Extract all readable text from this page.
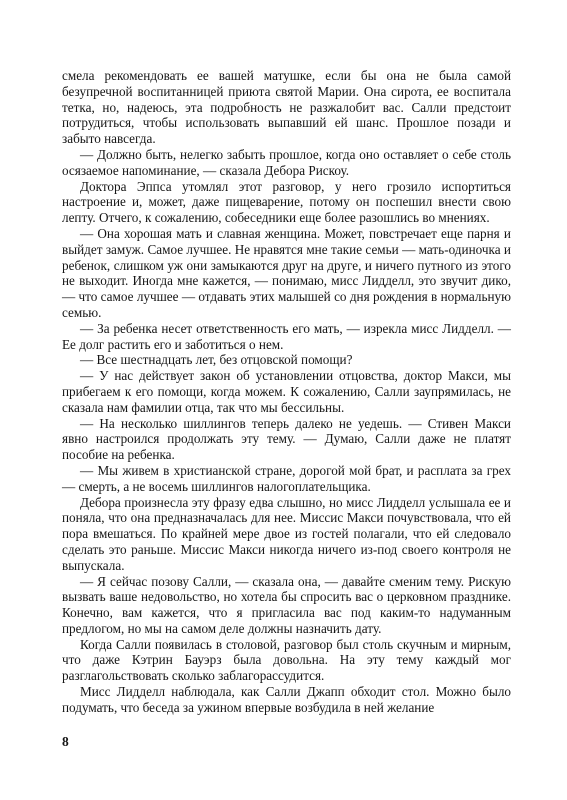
смела рекомендовать ее вашей матушке, если бы она не была самой безупречной воспитанницей приюта святой Марии. Она сирота, ее воспитала тетка, но, надеюсь, эта подробность не разжалобит вас. Салли предстоит потрудиться, чтобы использовать выпавший ей шанс. Прошлое позади и забыто навсегда.

— Должно быть, нелегко забыть прошлое, когда оно оставляет о себе столь осязаемое напоминание, — сказала Дебора Рискоу.

Доктора Эппса утомлял этот разговор, у него грозило испортиться настроение и, может, даже пищеварение, потому он поспешил внести свою лепту. Отчего, к сожалению, собеседники еще более разошлись во мнениях.

— Она хорошая мать и славная женщина. Может, повстречает еще парня и выйдет замуж. Самое лучшее. Не нравятся мне такие семьи — мать-одиночка и ребенок, слишком уж они замыкаются друг на друге, и ничего путного из этого не выходит. Иногда мне кажется, — понимаю, мисс Лидделл, это звучит дико, — что самое лучшее — отдавать этих малышей со дня рождения в нормальную семью.

— За ребенка несет ответственность его мать, — изрекла мисс Лидделл. — Ее долг растить его и заботиться о нем.

— Все шестнадцать лет, без отцовской помощи?

— У нас действует закон об установлении отцовства, доктор Макси, мы прибегаем к его помощи, когда можем. К сожалению, Салли заупрямилась, не сказала нам фамилии отца, так что мы бессильны.

— На несколько шиллингов теперь далеко не уедешь. — Стивен Макси явно настроился продолжать эту тему. — Думаю, Салли даже не платят пособие на ребенка.

— Мы живем в христианской стране, дорогой мой брат, и расплата за грех — смерть, а не восемь шиллингов налогоплательщика.

Дебора произнесла эту фразу едва слышно, но мисс Лидделл услышала ее и поняла, что она предназначалась для нее. Миссис Макси почувствовала, что ей пора вмешаться. По крайней мере двое из гостей полагали, что ей следовало сделать это раньше. Миссис Макси никогда ничего из-под своего контроля не выпускала.

— Я сейчас позову Салли, — сказала она, — давайте сменим тему. Рискую вызвать ваше недовольство, но хотела бы спросить вас о церковном празднике. Конечно, вам кажется, что я пригласила вас под каким-то надуманным предлогом, но мы на самом деле должны назначить дату.

Когда Салли появилась в столовой, разговор был столь скучным и мирным, что даже Кэтрин Бауэрз была довольна. На эту тему каждый мог разглагольствовать сколько заблагорассудится.

Мисс Лидделл наблюдала, как Салли Джапп обходит стол. Можно было подумать, что беседа за ужином впервые возбудила в ней желание

8
